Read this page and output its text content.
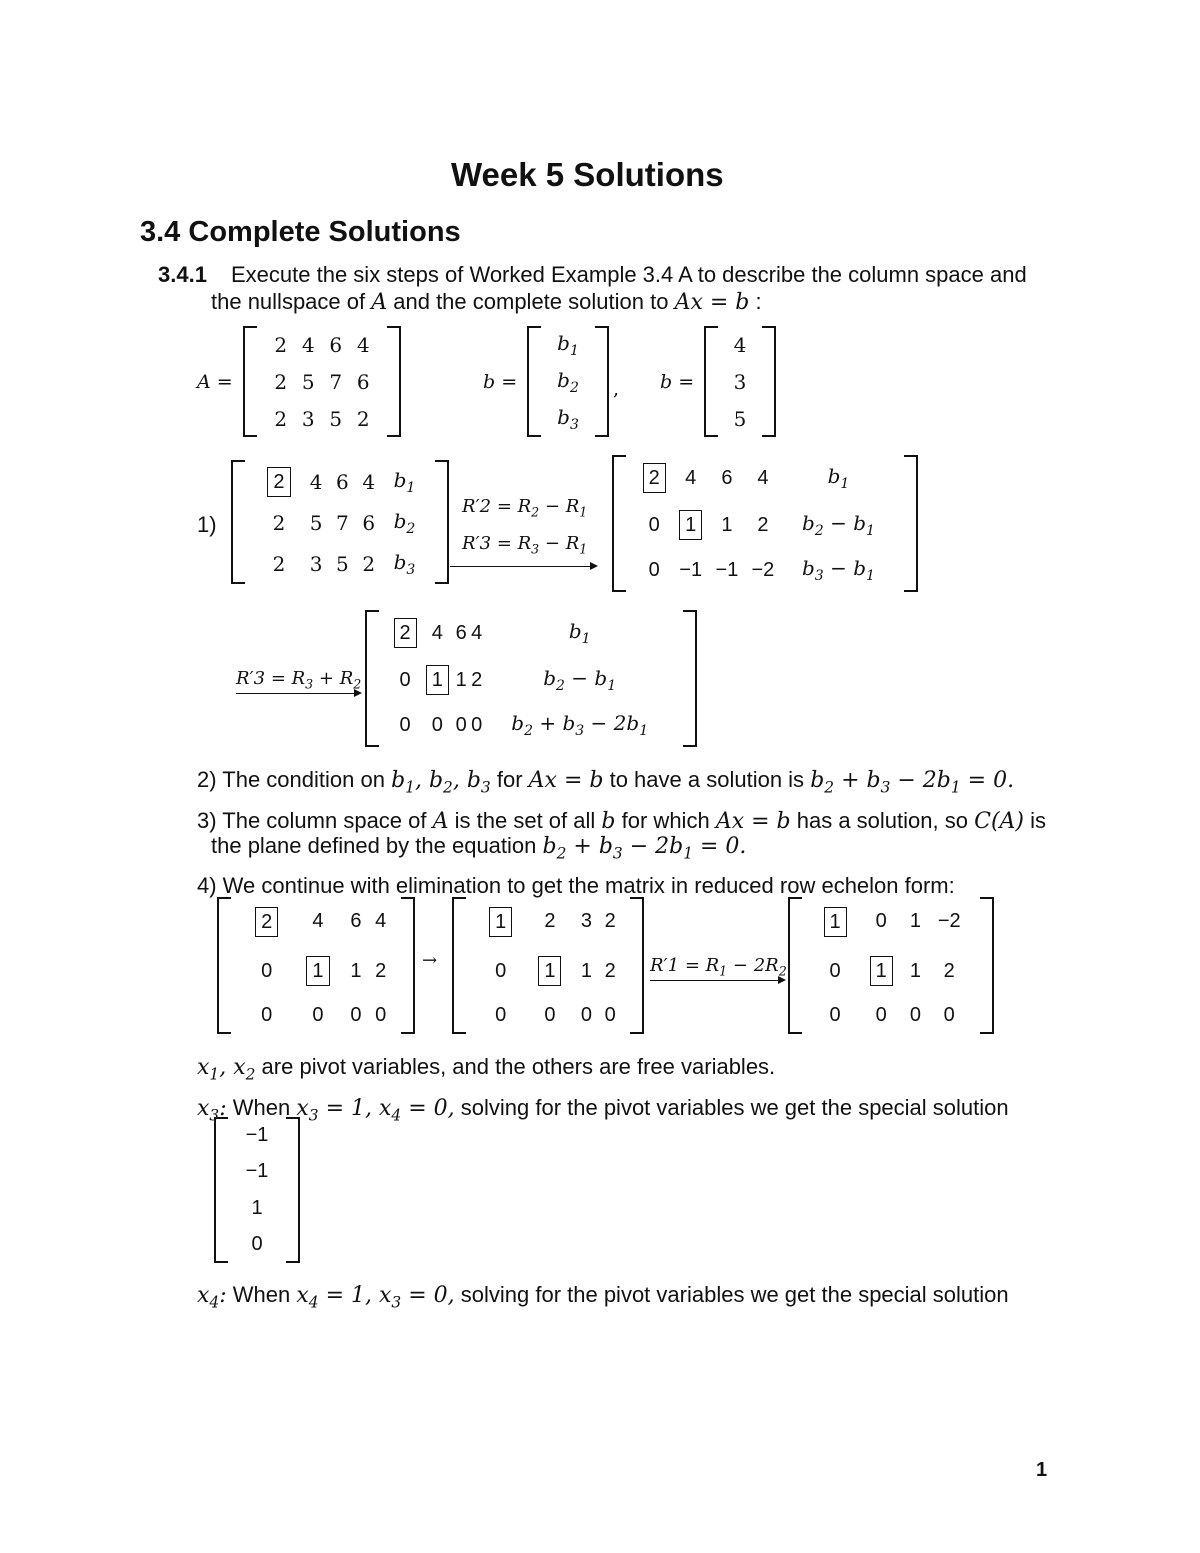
Week 5 Solutions
3.4 Complete Solutions
3.4.1 Execute the six steps of Worked Example 3.4 A to describe the column space and
the nullspace of A and the complete solution to Ax = b :
A =
2	4	6	4
2	5	7	6
2	3	5	2
b =
$b_1$
$b_2$
$b_3$
, b =
4
3
5
1)
2	4	6	4	$b_1$
2	5	7	6	$b_2$
2	3	5	2	$b_3$
$R'2 = R_2 - R_1$
$R'3 = R_3 - R_1$
2	4	6	4	$b_1$
0	1	1	2	$b_2 - b_1$
0	−1	−1	−2	$b_3 - b_1$
$R'3 = R_3 + R_2$
2	4	6	4	$b_1$
0	1	1	2	$b_2 - b_1$
0	0	0	0	$b_2 + b_3 - 2b_1$
2) The condition on $b_1$, $b_2$, $b_3$ for Ax = b to have a solution is $b_2 + b_3 - 2b_1 = 0$.
3) The column space of A is the set of all b for which Ax = b has a solution, so C(A) is
the plane defined by the equation $b_2 + b_3 - 2b_1 = 0$.
4) We continue with elimination to get the matrix in reduced row echelon form:
2	4	6	4
0	1	1	2
0	0	0	0
→
1	2	3	2
0	1	1	2
0	0	0	0
$R'1 = R_1 - 2R_2$
1	0	1	−2
0	1	1	2
0	0	0	0
$x_1$, $x_2$ are pivot variables, and the others are free variables.
$x_3$: When $x_3 = 1$, $x_4 = 0$, solving for the pivot variables we get the special solution
−1
−1
1
0
$x_4$: When $x_4 = 1$, $x_3 = 0$, solving for the pivot variables we get the special solution
1
